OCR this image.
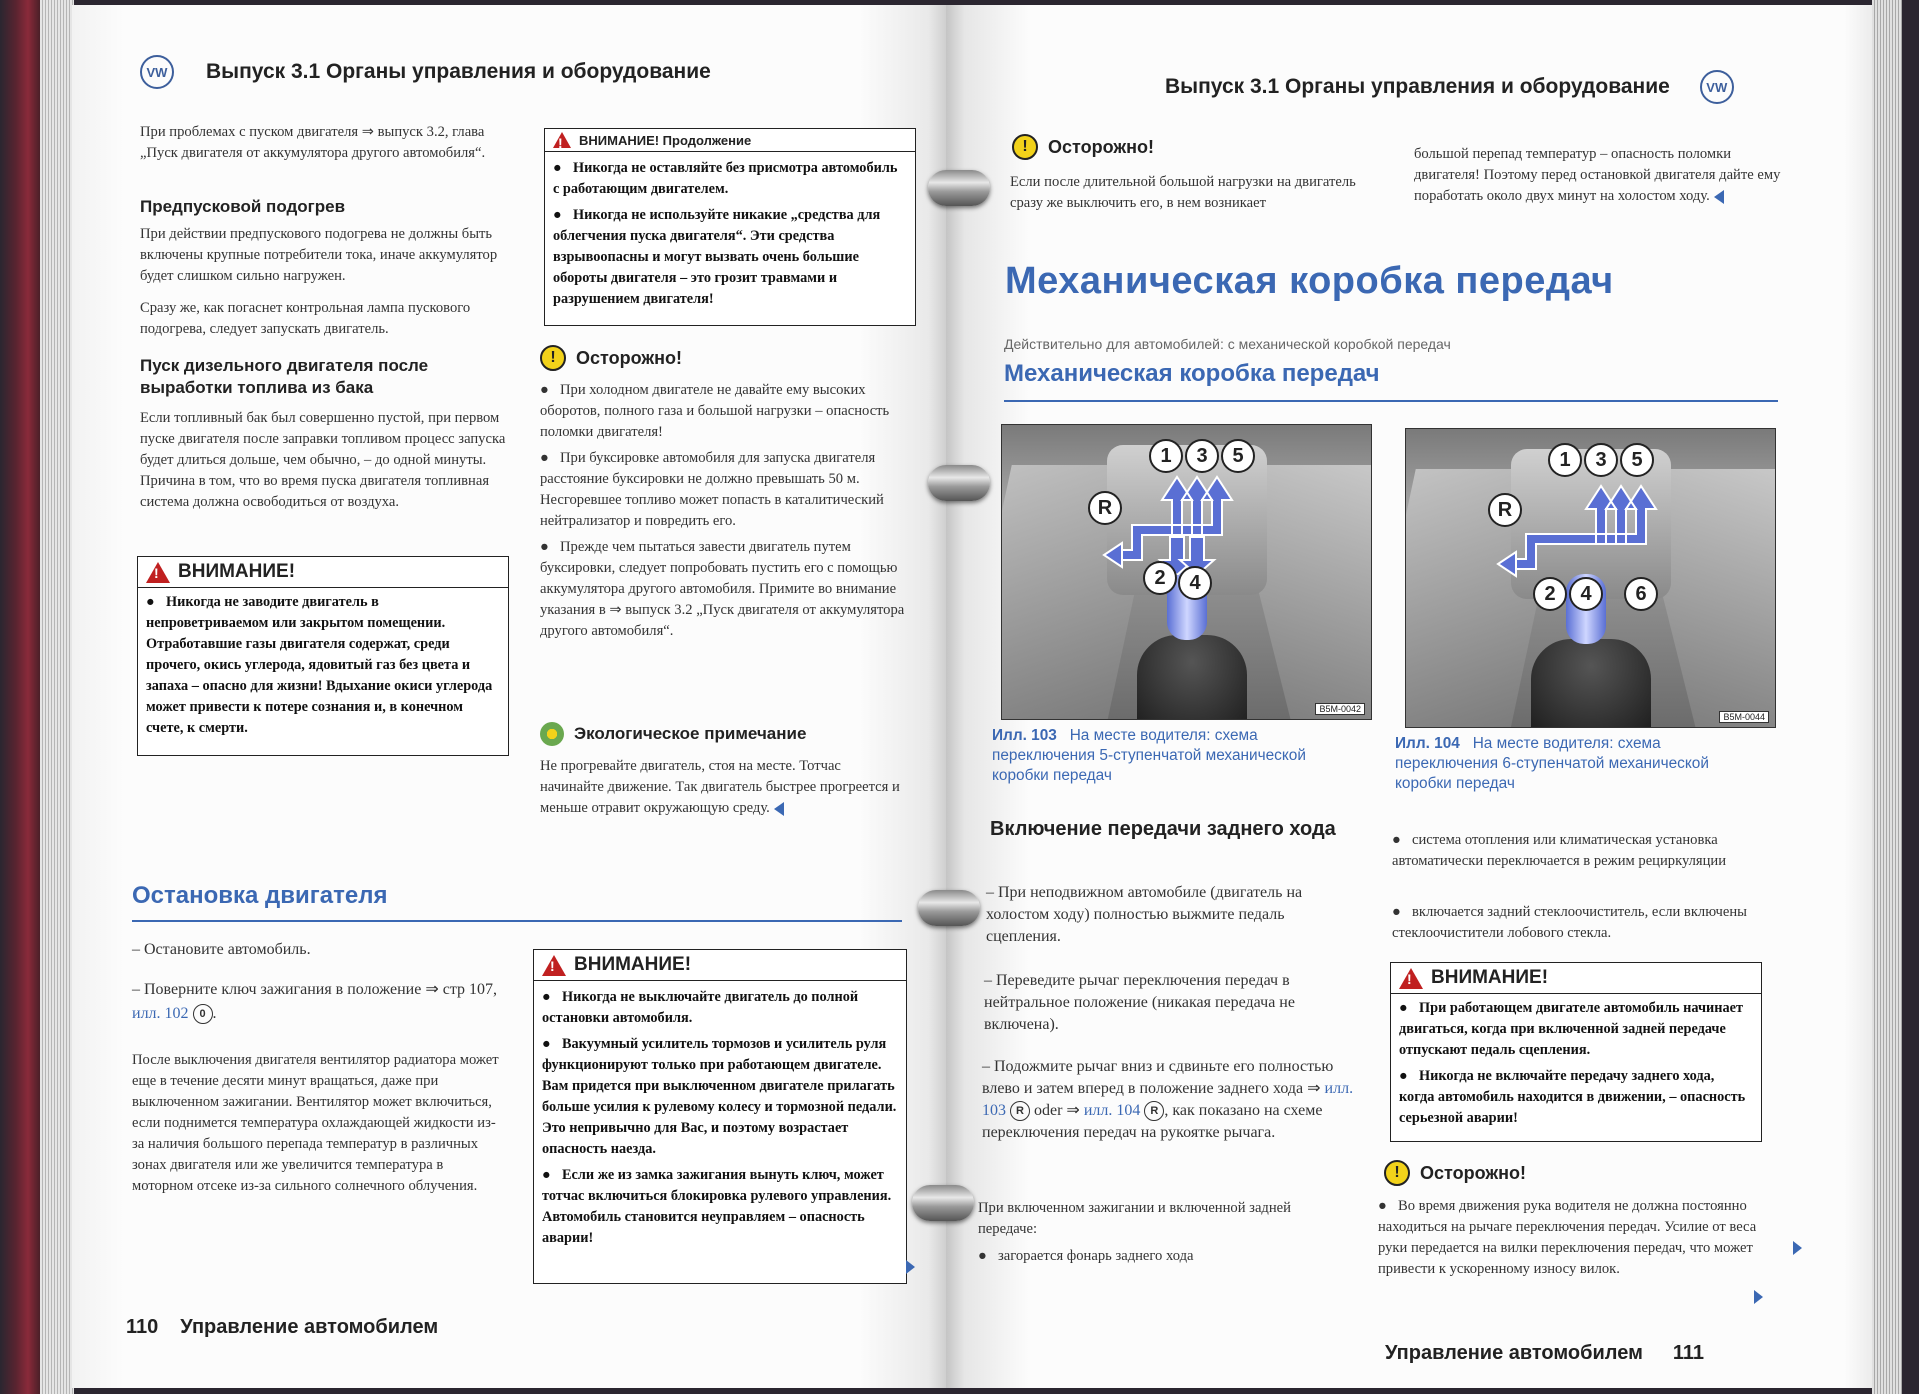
VW	Выпуск 3.1 Органы управления и оборудование
При проблемах с пуском двигателя ⇒ выпуск 3.2, глава „Пуск двигателя от аккумулятора другого автомобиля“.
Предпусковой подогрев
При действии предпускового подогрева не должны быть включены крупные потребители тока, иначе аккумулятор будет слишком сильно нагружен.
Сразу же, как погаснет контрольная лампа пускового подогрева, следует запускать двигатель.
Пуск дизельного двигателя после выработки топлива из бака
Если топливный бак был совершенно пустой, при первом пуске двигателя после заправки топливом процесс запуска будет длиться дольше, чем обычно, – до одной минуты. Причина в том, что во время пуска двигателя топливная система должна освободиться от воздуха.
!
ВНИМАНИЕ!
● Никогда не заводите двигатель в непроветриваемом или закрытом помещении. Отработавшие газы двигателя содержат, среди прочего, окись углерода, ядовитый газ без цвета и запаха – опасно для жизни! Вдыхание окиси углерода может привести к потере сознания и, в конечном счете, к смерти.
!
ВНИМАНИЕ! Продолжение
● Никогда не оставляйте без присмотра автомобиль с работающим двигателем.
● Никогда не используйте никакие „средства для облегчения пуска двигателя“. Эти средства взрывоопасны и могут вызвать очень большие обороты двигателя – это грозит травмами и разрушением двигателя!
!	Осторожно!
● При холодном двигателе не давайте ему высоких оборотов, полного газа и большой нагрузки – опасность поломки двигателя!
● При буксировке автомобиля для запуска двигателя расстояние буксировки не должно превышать 50 м. Несгоревшее топливо может попасть в каталитический нейтрализатор и повредить его.
● Прежде чем пытаться завести двигатель путем буксировки, следует попробовать пустить его с помощью аккумулятора другого автомобиля. Примите во внимание указания в ⇒ выпуск 3.2 „Пуск двигателя от аккумулятора другого автомобиля“.
Экологическое примечание
Не прогревайте двигатель, стоя на месте. Тотчас начинайте движение. Так двигатель быстрее прогреется и меньше отравит окружающую среду.
Остановка двигателя
– Остановите автомобиль.
– Поверните ключ зажигания в положение ⇒ стр 107, илл. 102 0 .
После выключения двигателя вентилятор радиатора может еще в течение десяти минут вращаться, даже при выключенном зажигании. Вентилятор может включиться, если поднимется температура охлаждающей жидкости из-за наличия большого перепада температур в различных зонах двигателя или же увеличится температура в моторном отсеке из-за сильного солнечного облучения.
!
ВНИМАНИЕ!
● Никогда не выключайте двигатель до полной остановки автомобиля.
● Вакуумный усилитель тормозов и усилитель руля функционируют только при работающем двигателе. Вам придется при выключенном двигателе прилагать больше усилия к рулевому колесу и тормозной педали. Это непривычно для Вас, и поэтому возрастает опасность наезда.
● Если же из замка зажигания вынуть ключ, может тотчас включиться блокировка рулевого управления. Автомобиль становится неуправляем – опасность аварии!
110 Управление автомобилем
Выпуск 3.1 Органы управления и оборудование	VW
!	Осторожно!
Если после длительной большой нагрузки на двигатель сразу же выключить его, в нем возникает
большой перепад температур – опасность поломки двигателя! Поэтому перед остановкой двигателя дайте ему поработать около двух минут на холостом ходу.
Механическая коробка передач
Действительно для автомобилей: с механической коробкой передач
Механическая коробка передач
1	3	5
R
2	4
B5M-0042
Илл. 103 На месте водителя: схема переключения 5-ступенчатой механической коробки передач
1	3	5
R
2	4	6
B5M-0044
Илл. 104 На месте водителя: схема переключения 6-ступенчатой механической коробки передач
Включение передачи заднего хода
– При неподвижном автомобиле (двигатель на холостом ходу) полностью выжмите педаль сцепления.
– Переведите рычаг переключения передач в нейтральное положение (никакая передача не включена).
– Подожмите рычаг вниз и сдвиньте его полностью влево и затем вперед в положение заднего хода ⇒ илл. 103 R oder ⇒ илл. 104 R , как показано на схеме переключения передач на рукоятке рычага.
При включенном зажигании и включенной задней передаче:
● загорается фонарь заднего хода
● система отопления или климатическая установка автоматически переключается в режим рециркуляции
● включается задний стеклоочиститель, если включены стеклоочистители лобового стекла.
!
ВНИМАНИЕ!
● При работающем двигателе автомобиль начинает двигаться, когда при включенной задней передаче отпускают педаль сцепления.
● Никогда не включайте передачу заднего хода, когда автомобиль находится в движении, – опасность серьезной аварии!
!	Осторожно!
● Во время движения рука водителя не должна постоянно находиться на рычаге переключения передач. Усилие от веса руки передается на вилки переключения передач, что может привести к ускоренному износу вилок.
Управление автомобилем 111
